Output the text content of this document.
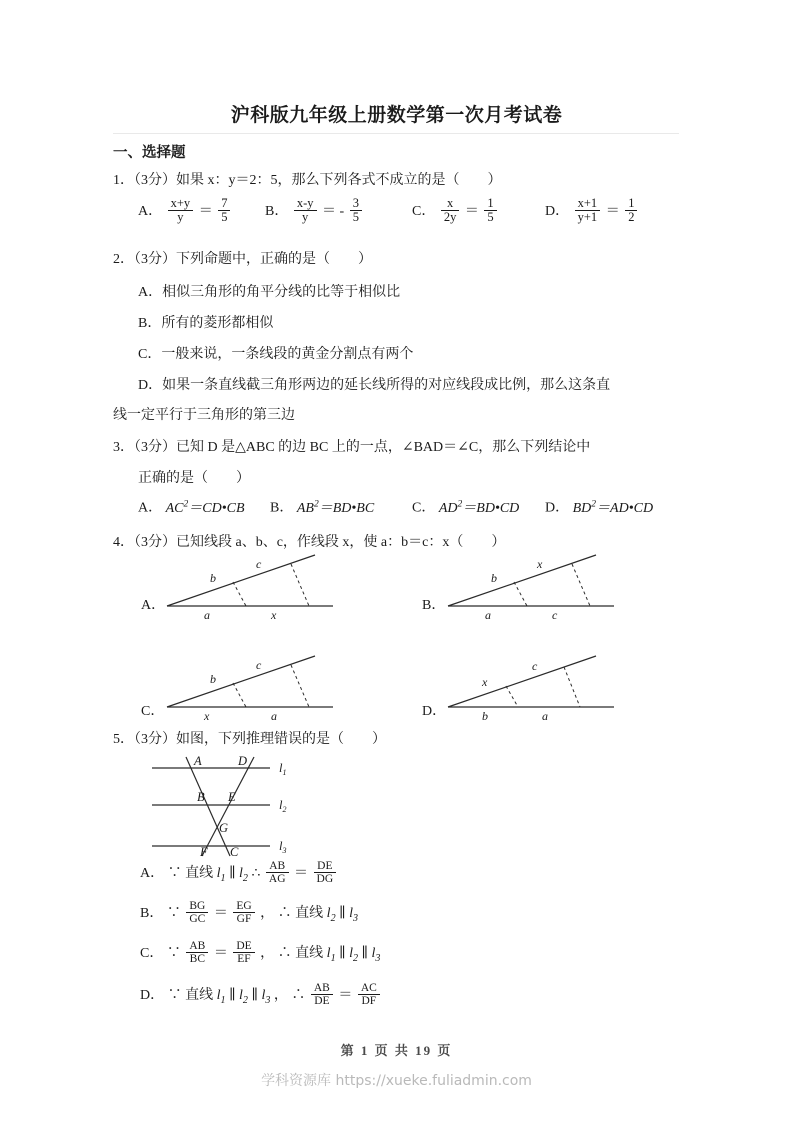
沪科版九年级上册数学第一次月考试卷
一、选择题
1．（3分）如果 x：y＝2：5，那么下列各式不成立的是（　　）
A． $\frac{x+y}{y} = \frac{7}{5}$ B． $\frac{x-y}{y}$ ＝ - $\frac{3}{5}$	C． $\frac{x}{2y} = \frac{1}{5}$	D． $\frac{x+1}{y+1} = \frac{1}{2}$
2．（3分）下列命题中，正确的是（　　）
A．相似三角形的角平分线的比等于相似比
B．所有的菱形都相似
C．一般来说，一条线段的黄金分割点有两个
D．如果一条直线截三角形两边的延长线所得的对应线段成比例，那么这条直
线一定平行于三角形的第三边
3．（3分）已知 D 是△ABC 的边 BC 上的一点，∠BAD＝∠C，那么下列结论中
正确的是（　　）
A． $AC^2=CD•CB$ B． $AB^2=BD•BC$	C． $AD^2=BD•CD$ D． $BD^2=AD•CD$
4．（3分）已知线段 a、b、c，作线段 x，使 a：b＝c：x（　　）
A．
b
c
a	x
B．
b
x
a	c
C．
b
c
x	a	D．
x
c
b	a
5．（3分）如图，下列推理错误的是（　　）
A	D
B E
G
F C
$l_1$
$l_2$
$l_3$
A． ∵ 直线 $l_1$ ∥ $l_2$ ∴ $\frac{AB}{AG} = \frac{DE}{DG}$
B． ∵ $\frac{BG}{GC} = \frac{EG}{GF}$ ， ∴ 直线 $l_2$ ∥ $l_3$
C． ∵ $\frac{AB}{BC} = \frac{DE}{EF}$ ， ∴ 直线 $l_1$ ∥ $l_2$ ∥ $l_3$
D． ∵ 直线 $l_1$ ∥ $l_2$ ∥ $l_3$ ， ∴ $\frac{AB}{DE} = \frac{AC}{DF}$
第 1 页 共 19 页
学科资源库 https://xueke.fuliadmin.com
